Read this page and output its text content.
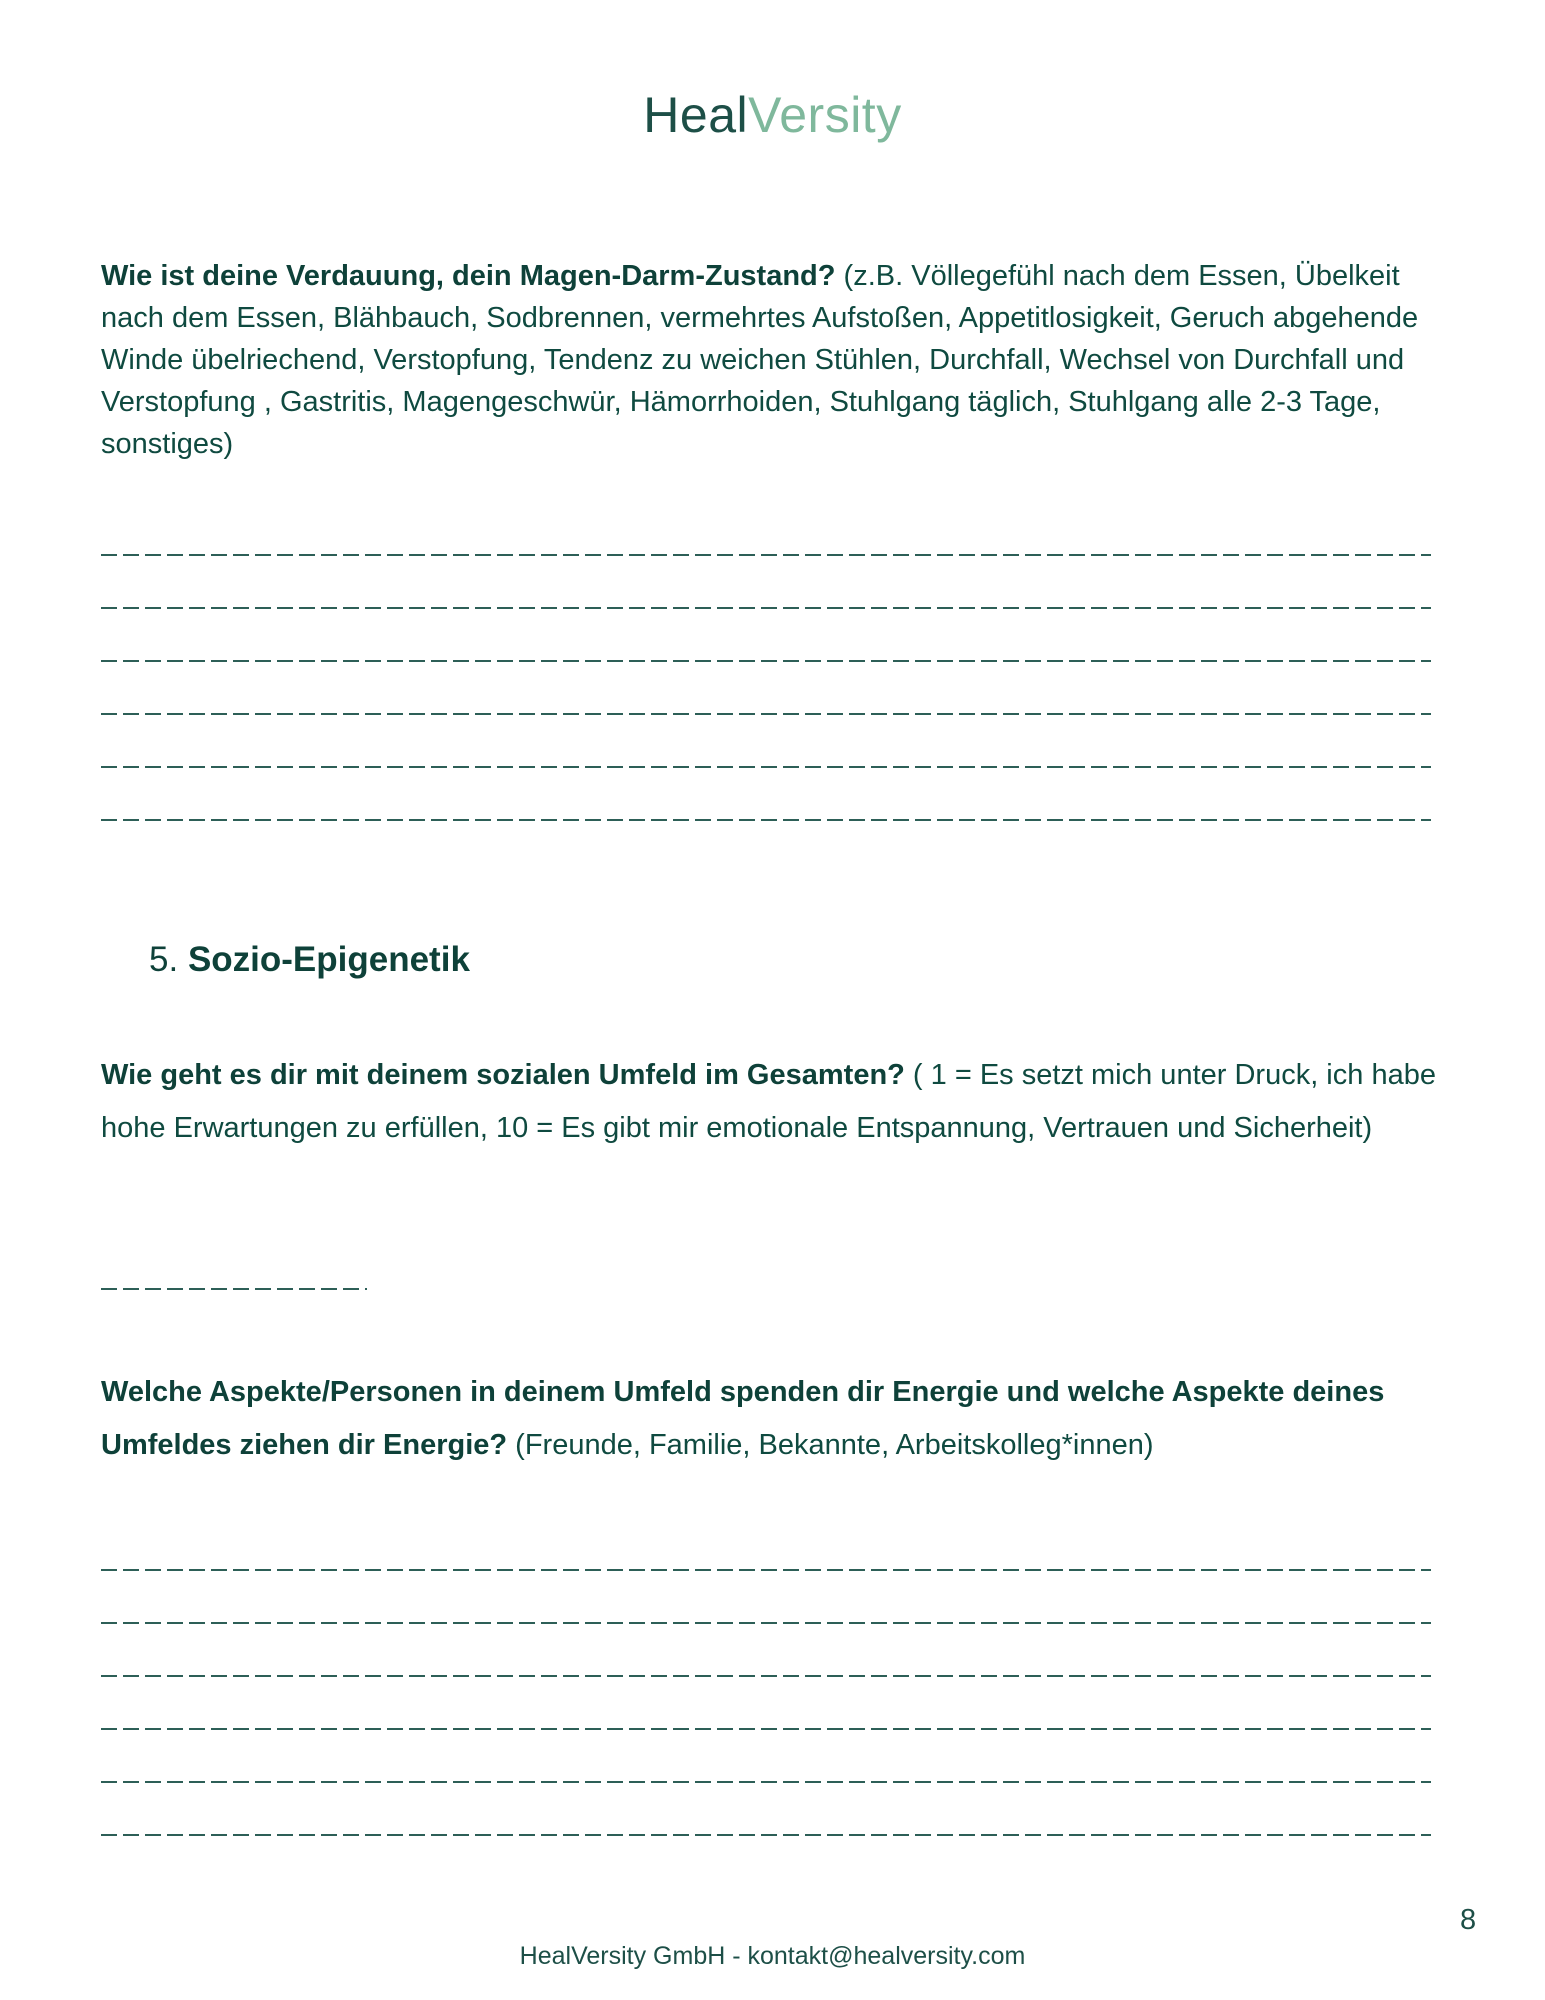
HealVersity
Wie ist deine Verdauung, dein Magen-Darm-Zustand? (z.B. Völlegefühl nach dem Essen, Übelkeit nach dem Essen, Blähbauch, Sodbrennen, vermehrtes Aufstoßen, Appetitlosigkeit, Geruch abgehende Winde übelriechend, Verstopfung, Tendenz zu weichen Stühlen, Durchfall, Wechsel von Durchfall und Verstopfung , Gastritis, Magengeschwür, Hämorrhoiden, Stuhlgang täglich, Stuhlgang alle 2-3 Tage, sonstiges)
5. Sozio-Epigenetik
Wie geht es dir mit deinem sozialen Umfeld im Gesamten? ( 1 = Es setzt mich unter Druck, ich habe hohe Erwartungen zu erfüllen, 10 = Es gibt mir emotionale Entspannung, Vertrauen und Sicherheit)
Welche Aspekte/Personen in deinem Umfeld spenden dir Energie und welche Aspekte deines Umfeldes ziehen dir Energie? (Freunde, Familie, Bekannte, Arbeitskolleg*innen)
8
HealVersity GmbH - kontakt@healversity.com
